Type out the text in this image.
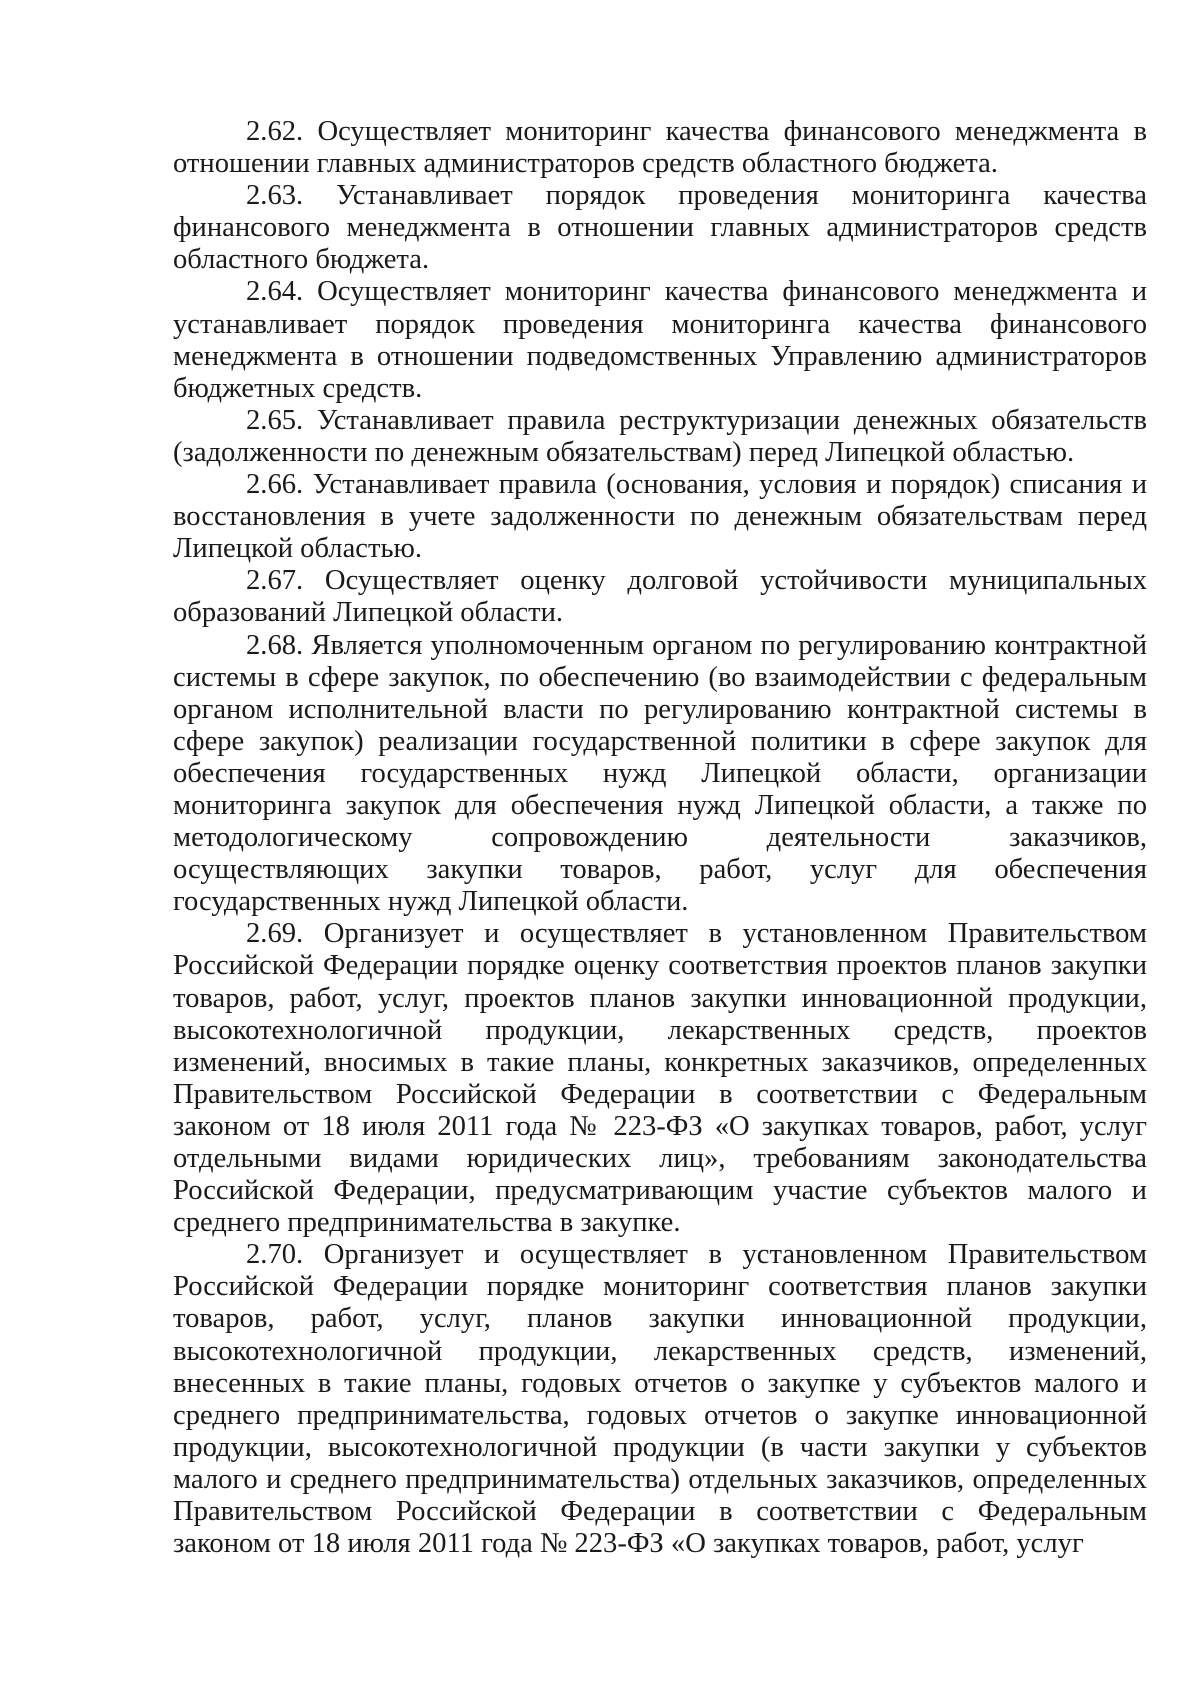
2.62. Осуществляет мониторинг качества финансового менеджмента в отношении главных администраторов средств областного бюджета.

2.63. Устанавливает порядок проведения мониторинга качества финансового менеджмента в отношении главных администраторов средств областного бюджета.

2.64. Осуществляет мониторинг качества финансового менеджмента и устанавливает порядок проведения мониторинга качества финансового менеджмента в отношении подведомственных Управлению администраторов бюджетных средств.

2.65. Устанавливает правила реструктуризации денежных обязательств (задолженности по денежным обязательствам) перед Липецкой областью.

2.66. Устанавливает правила (основания, условия и порядок) списания и восстановления в учете задолженности по денежным обязательствам перед Липецкой областью.

2.67. Осуществляет оценку долговой устойчивости муниципальных образований Липецкой области.

2.68. Является уполномоченным органом по регулированию контрактной системы в сфере закупок, по обеспечению (во взаимодействии с федеральным органом исполнительной власти по регулированию контрактной системы в сфере закупок) реализации государственной политики в сфере закупок для обеспечения государственных нужд Липецкой области, организации мониторинга закупок для обеспечения нужд Липецкой области, а также по методологическому сопровождению деятельности заказчиков, осуществляющих закупки товаров, работ, услуг для обеспечения государственных нужд Липецкой области.

2.69. Организует и осуществляет в установленном Правительством Российской Федерации порядке оценку соответствия проектов планов закупки товаров, работ, услуг, проектов планов закупки инновационной продукции, высокотехнологичной продукции, лекарственных средств, проектов изменений, вносимых в такие планы, конкретных заказчиков, определенных Правительством Российской Федерации в соответствии с Федеральным законом от 18 июля 2011 года № 223-ФЗ «О закупках товаров, работ, услуг отдельными видами юридических лиц», требованиям законодательства Российской Федерации, предусматривающим участие субъектов малого и среднего предпринимательства в закупке.

2.70. Организует и осуществляет в установленном Правительством Российской Федерации порядке мониторинг соответствия планов закупки товаров, работ, услуг, планов закупки инновационной продукции, высокотехнологичной продукции, лекарственных средств, изменений, внесенных в такие планы, годовых отчетов о закупке у субъектов малого и среднего предпринимательства, годовых отчетов о закупке инновационной продукции, высокотехнологичной продукции (в части закупки у субъектов малого и среднего предпринимательства) отдельных заказчиков, определенных Правительством Российской Федерации в соответствии с Федеральным законом от 18 июля 2011 года № 223-ФЗ «О закупках товаров, работ, услуг
